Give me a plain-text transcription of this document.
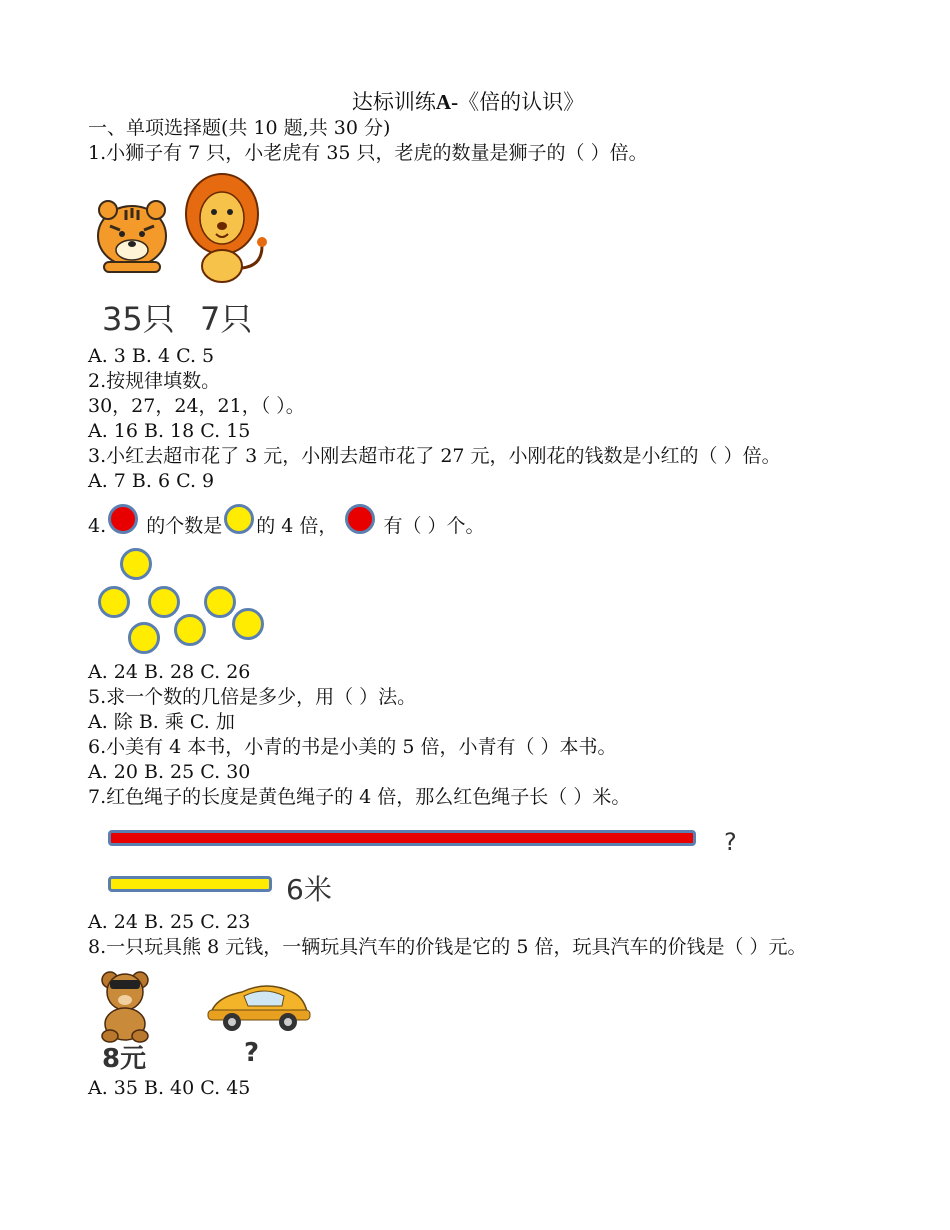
达标训练A-《倍的认识》
一、单项选择题(共 10 题,共 30 分)
1.小狮子有 7 只，小老虎有 35 只，老虎的数量是狮子的（ ）倍。
35只 7只
A. 3 B. 4 C. 5
2.按规律填数。
30，27，24，21，（ ）。
A. 16 B. 18 C. 15
3.小红去超市花了 3 元，小刚去超市花了 27 元，小刚花的钱数是小红的（ ）倍。
A. 7 B. 6 C. 9
4. 的个数是 的 4 倍， 有（ ）个。
A. 24 B. 28 C. 26
5.求一个数的几倍是多少，用（ ）法。
A. 除 B. 乘 C. 加
6.小美有 4 本书，小青的书是小美的 5 倍，小青有（ ）本书。
A. 20 B. 25 C. 30
7.红色绳子的长度是黄色绳子的 4 倍，那么红色绳子长（ ）米。
?
6米
A. 24 B. 25 C. 23
8.一只玩具熊 8 元钱，一辆玩具汽车的价钱是它的 5 倍，玩具汽车的价钱是（ ）元。
8元	?
A. 35 B. 40 C. 45
